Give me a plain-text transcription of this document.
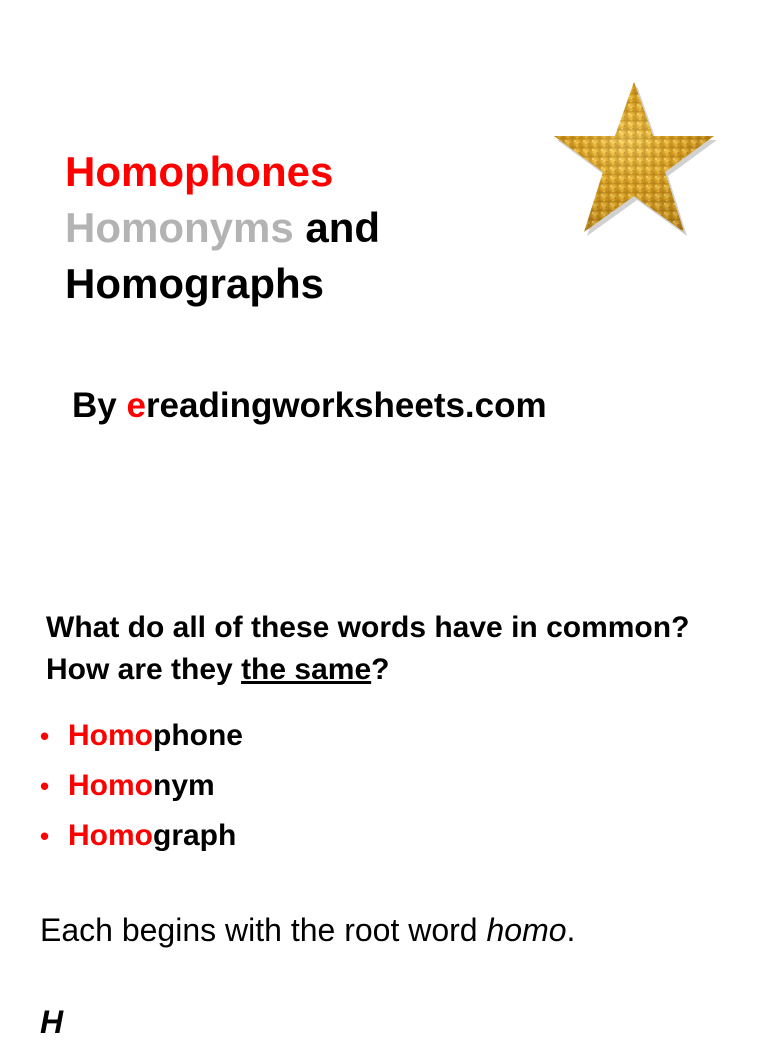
Homophones
Homonyms and
Homographs
By ereadingworksheets.com
What do all of these words have in common? How are they the same?
• Homophone
• Homonym
• Homograph
Each begins with the root word homo.
H
